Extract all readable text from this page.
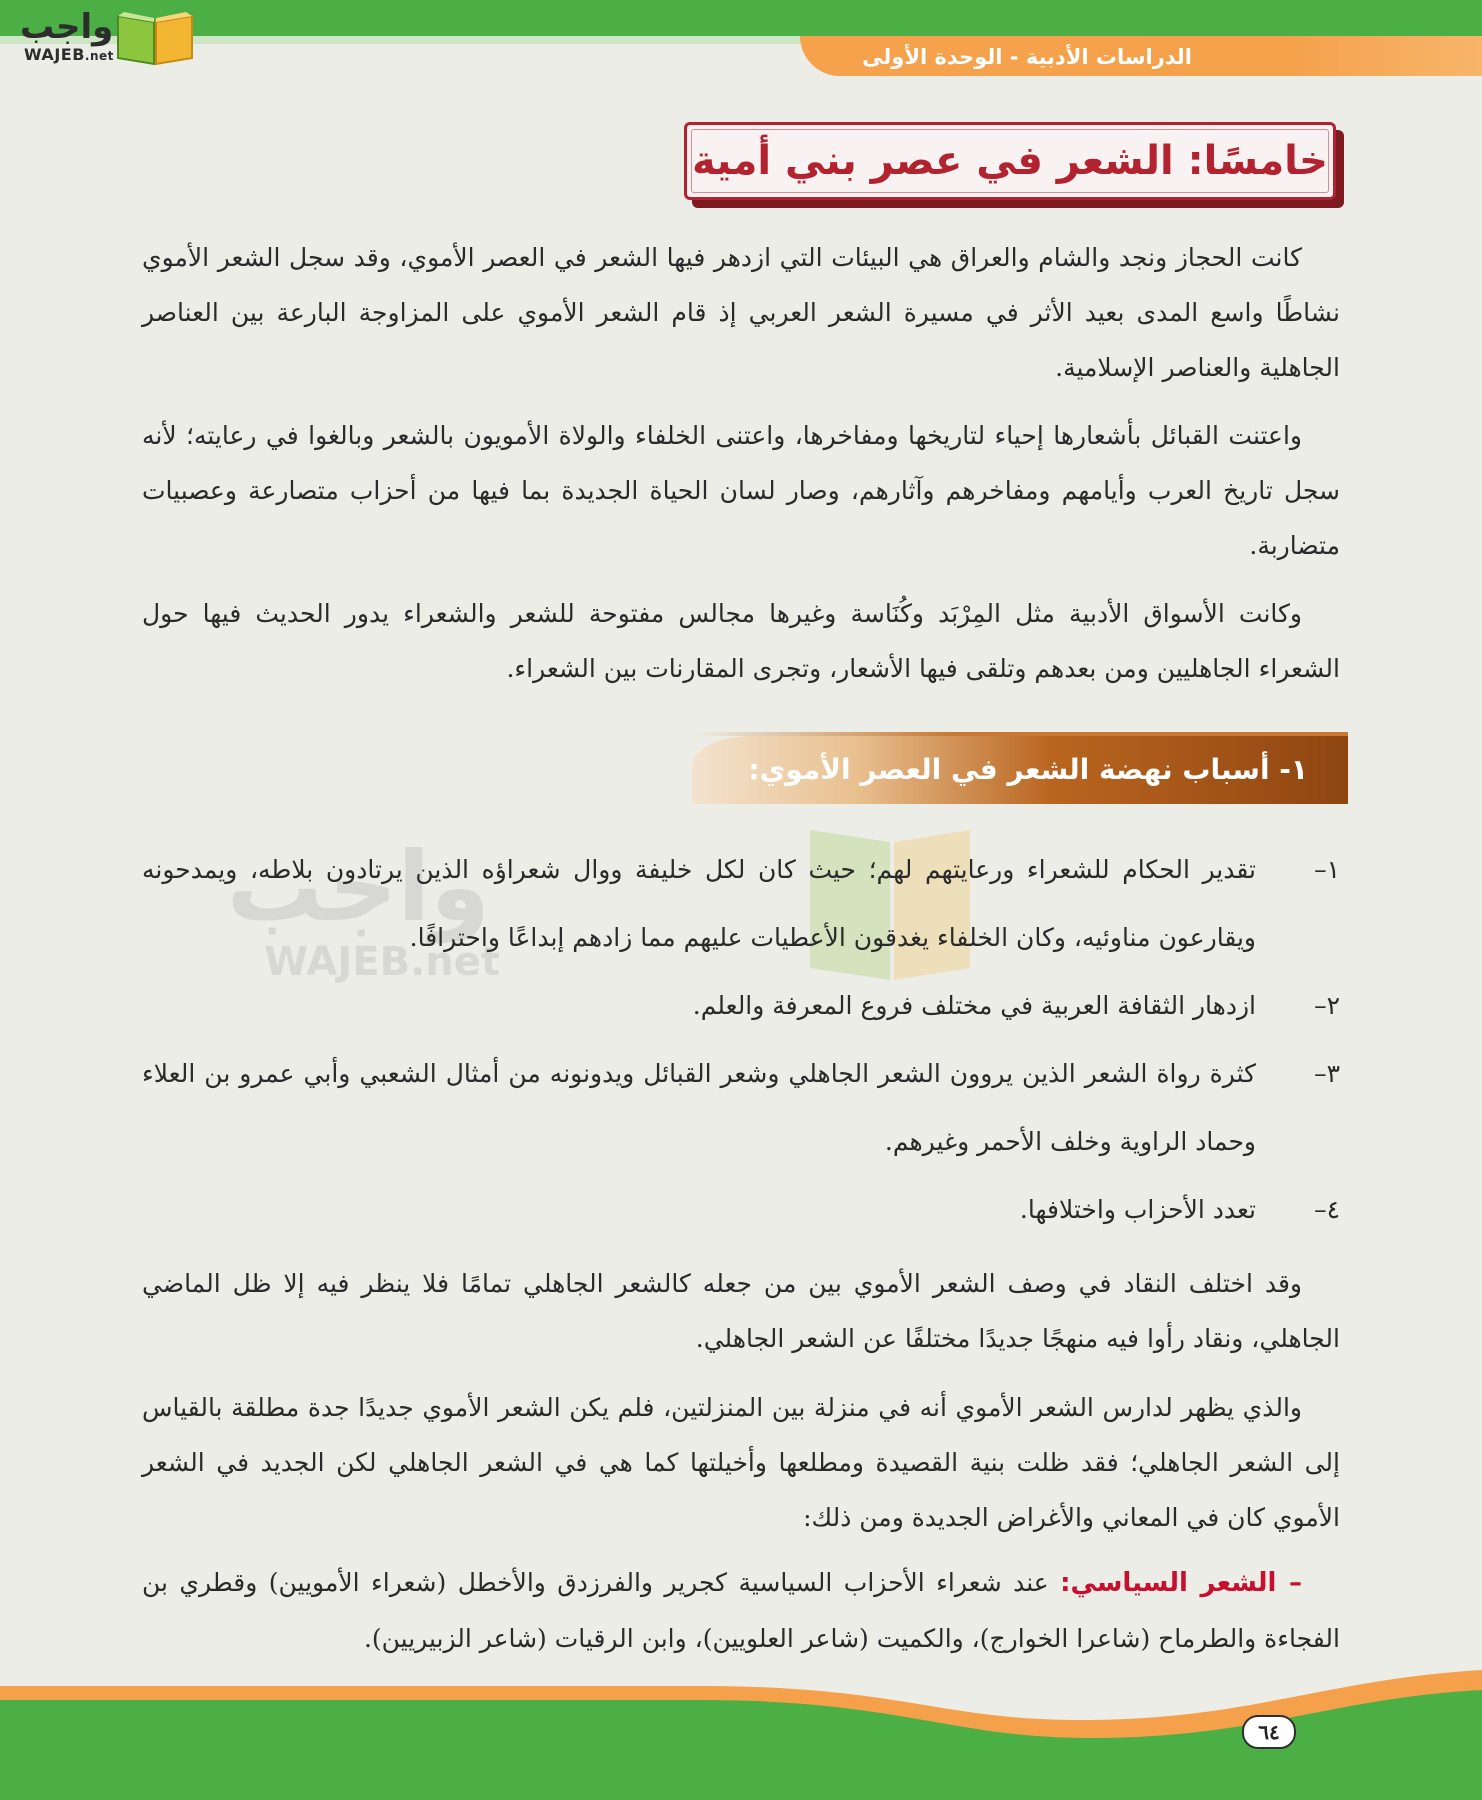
الدراسات الأدبية - الوحدة الأولى
واجب
WAJEB.net
خامسًا: الشعر في عصر بني أمية

كانت الحجاز ونجد والشام والعراق هي البيئات التي ازدهر فيها الشعر في العصر الأموي، وقد سجل الشعر الأموي نشاطًا واسع المدى بعيد الأثر في مسيرة الشعر العربي إذ قام الشعر الأموي على المزاوجة البارعة بين العناصر الجاهلية والعناصر الإسلامية.

واعتنت القبائل بأشعارها إحياء لتاريخها ومفاخرها، واعتنى الخلفاء والولاة الأمويون بالشعر وبالغوا في رعايته؛ لأنه سجل تاريخ العرب وأيامهم ومفاخرهم وآثارهم، وصار لسان الحياة الجديدة بما فيها من أحزاب متصارعة وعصبيات متضاربة.

وكانت الأسواق الأدبية مثل المِرْبَد وكُنَاسة وغيرها مجالس مفتوحة للشعر والشعراء يدور الحديث فيها حول الشعراء الجاهليين ومن بعدهم وتلقى فيها الأشعار، وتجرى المقارنات بين الشعراء.

١- أسباب نهضة الشعر في العصر الأموي:
واجب
WAJEB.net
١–
تقدير الحكام للشعراء ورعايتهم لهم؛ حيث كان لكل خليفة ووال شعراؤه الذين يرتادون بلاطه، ويمدحونه ويقارعون مناوئيه، وكان الخلفاء يغدقون الأعطيات عليهم مما زادهم إبداعًا واحترافًا.
٢–
ازدهار الثقافة العربية في مختلف فروع المعرفة والعلم.
٣–
كثرة رواة الشعر الذين يروون الشعر الجاهلي وشعر القبائل ويدونونه من أمثال الشعبي وأبي عمرو بن العلاء وحماد الراوية وخلف الأحمر وغيرهم.
٤–
تعدد الأحزاب واختلافها.

وقد اختلف النقاد في وصف الشعر الأموي بين من جعله كالشعر الجاهلي تمامًا فلا ينظر فيه إلا ظل الماضي الجاهلي، ونقاد رأوا فيه منهجًا جديدًا مختلفًا عن الشعر الجاهلي.

والذي يظهر لدارس الشعر الأموي أنه في منزلة بين المنزلتين، فلم يكن الشعر الأموي جديدًا جدة مطلقة بالقياس إلى الشعر الجاهلي؛ فقد ظلت بنية القصيدة ومطلعها وأخيلتها كما هي في الشعر الجاهلي لكن الجديد في الشعر الأموي كان في المعاني والأغراض الجديدة ومن ذلك:

– الشعر السياسي: عند شعراء الأحزاب السياسية كجرير والفرزدق والأخطل (شعراء الأمويين) وقطري بن الفجاءة والطرماح (شاعرا الخوارج)، والكميت (شاعر العلويين)، وابن الرقيات (شاعر الزبيريين).

٦٤
